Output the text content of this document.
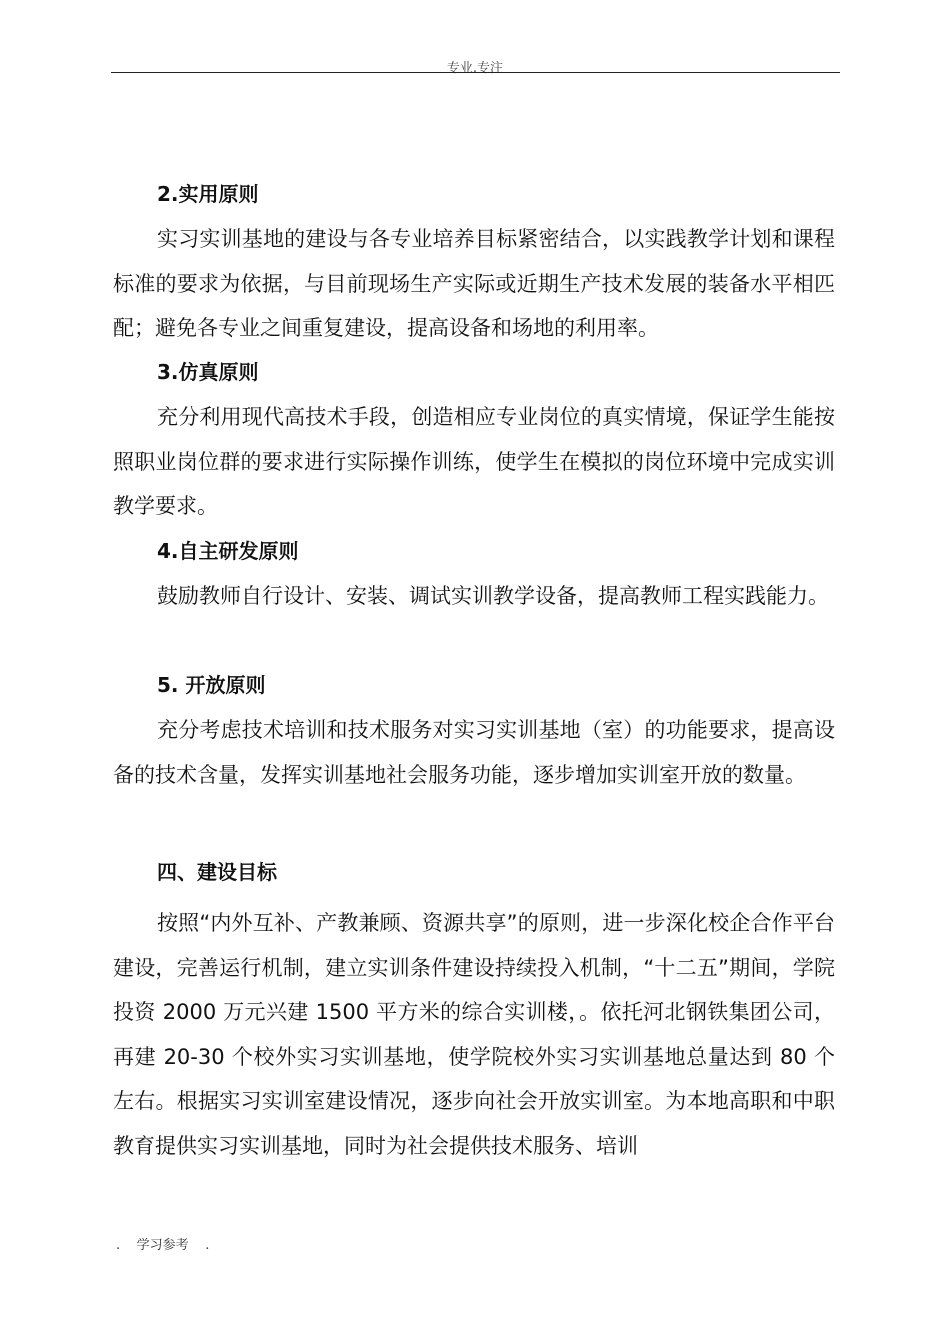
专业.专注
2.实用原则
实习实训基地的建设与各专业培养目标紧密结合，以实践教学计划和课程标准的要求为依据，与目前现场生产实际或近期生产技术发展的装备水平相匹配；避免各专业之间重复建设，提高设备和场地的利用率。
3.仿真原则
充分利用现代高技术手段，创造相应专业岗位的真实情境，保证学生能按照职业岗位群的要求进行实际操作训练，使学生在模拟的岗位环境中完成实训教学要求。
4.自主研发原则
鼓励教师自行设计、安装、调试实训教学设备，提高教师工程实践能力。
5. 开放原则
充分考虑技术培训和技术服务对实习实训基地（室）的功能要求，提高设备的技术含量，发挥实训基地社会服务功能，逐步增加实训室开放的数量。
四、建设目标
按照“内外互补、产教兼顾、资源共享”的原则，进一步深化校企合作平台建设，完善运行机制，建立实训条件建设持续投入机制，“十二五”期间，学院投资 2000 万元兴建 1500 平方米的综合实训楼，。依托河北钢铁集团公司，再建 20-30 个校外实习实训基地，使学院校外实习实训基地总量达到 80 个左右。根据实习实训室建设情况，逐步向社会开放实训室。为本地高职和中职教育提供实习实训基地，同时为社会提供技术服务、培训
.    学习参考    .
